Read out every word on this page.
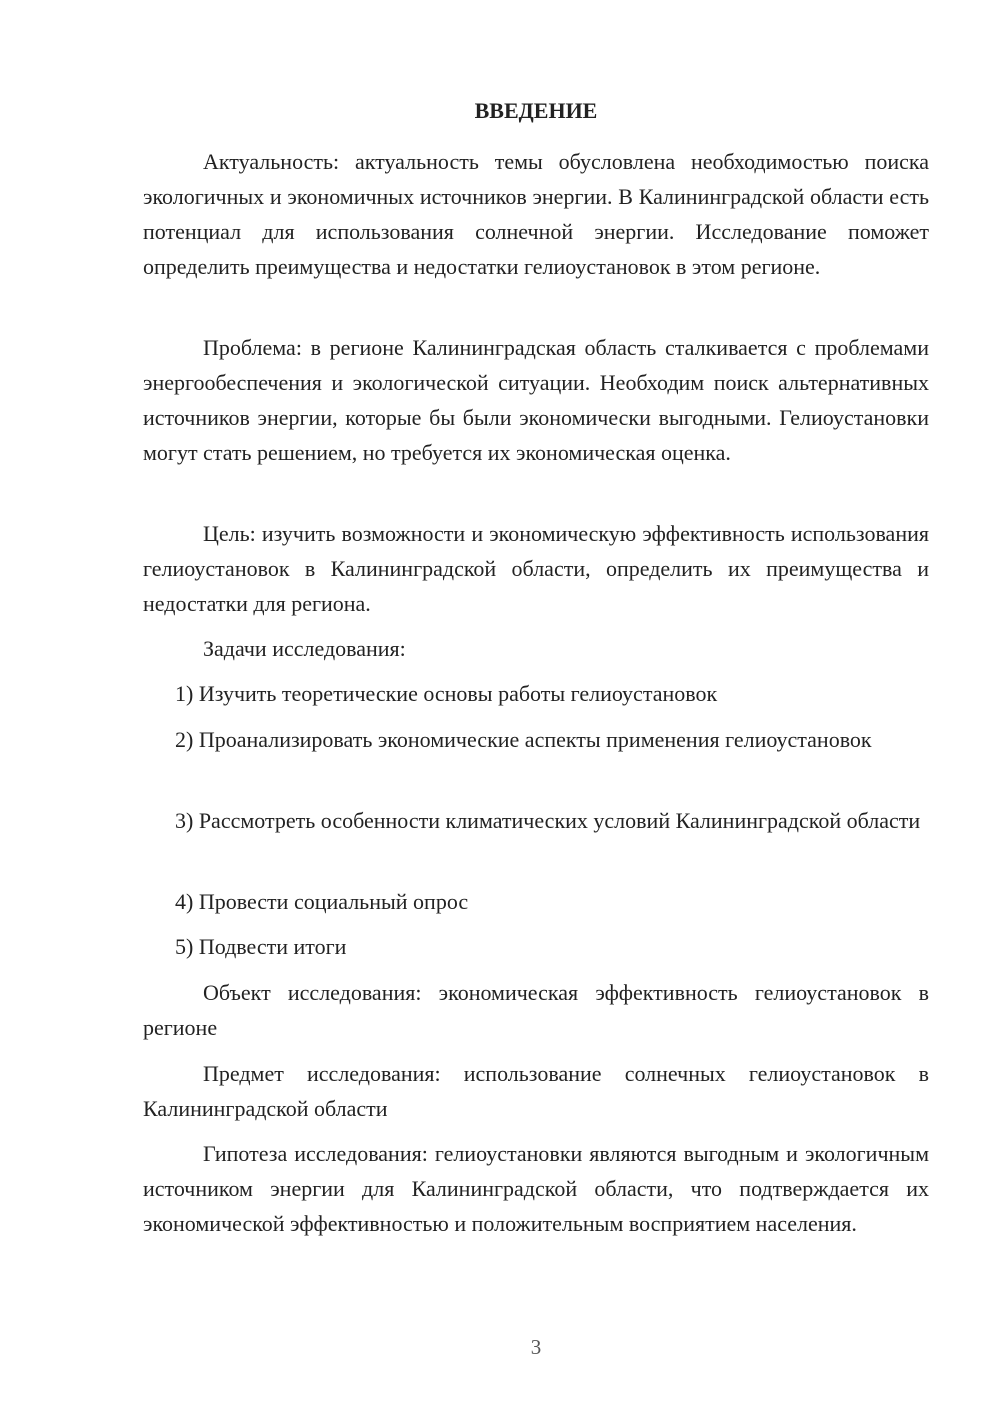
ВВЕДЕНИЕ

Актуальность: актуальность темы обусловлена необходимостью поиска экологичных и экономичных источников энергии. В Калининградской области есть потенциал для использования солнечной энергии. Исследование поможет определить преимущества и недостатки гелиоустановок в этом регионе.

Проблема: в регионе Калининградская область сталкивается с проблемами энергообеспечения и экологической ситуации. Необходим поиск альтернативных источников энергии, которые бы были экономически выгодными. Гелиоустановки могут стать решением, но требуется их экономическая оценка.

Цель: изучить возможности и экономическую эффективность использования гелиоустановок в Калининградской области, определить их преимущества и недостатки для региона.

Задачи исследования:

1) Изучить теоретические основы работы гелиоустановок

2) Проанализировать экономические аспекты применения гелиоустановок

3) Рассмотреть особенности климатических условий Калининградской области

4) Провести социальный опрос

5) Подвести итоги

Объект исследования: экономическая эффективность гелиоустановок в регионе

Предмет исследования: использование солнечных гелиоустановок в Калининградской области

Гипотеза исследования: гелиоустановки являются выгодным и экологичным источником энергии для Калининградской области, что подтверждается их экономической эффективностью и положительным восприятием населения.

3
